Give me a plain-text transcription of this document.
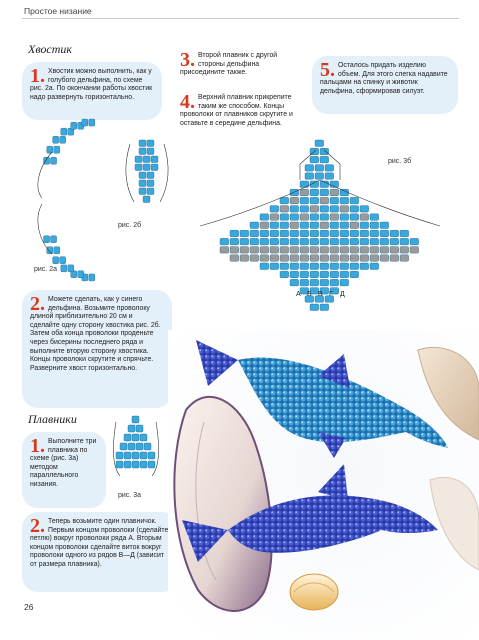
Простое низание
Хвостик
1. Хвостик можно выполнить, как у голубого дельфина, по схеме рис. 2а. По окончании работы хвостик надо развернуть горизонтально.
рис. 2а
рис. 2б
2. Можете сделать, как у синего дельфина. Возьмите проволоку длиной приблизительно 20 см и сделайте одну сторону хвостика рис. 2б. Затем оба конца проволоки проденьте через бисерины последнего ряда и выполните вторую сторону хвостика. Концы проволоки скрутите и спрячьте. Разверните хвост горизонтально.
Плавники
1. Выполните три плавника по схеме (рис. 3а) методом параллельного низания.
рис. 3а
2. Теперь возьмите один плавничок. Первым концом проволоки (сделайте петлю) вокруг проволоки ряда А. Вторым концом проволоки сделайте виток вокруг проволоки одного из рядов В—Д (зависит от размера плавника).
3. Второй плавник с другой стороны дельфина присоедините также.
4. Верхний плавник прикрепите таким же способом. Концы проволоки от плавников скрутите и оставьте в середине дельфина.
5. Осталось придать изделию объем. Для этого слегка надавите пальцами на спинку и животик дельфина, сформировав силуэт.
А Б В Г Д
рис. 3б
26
